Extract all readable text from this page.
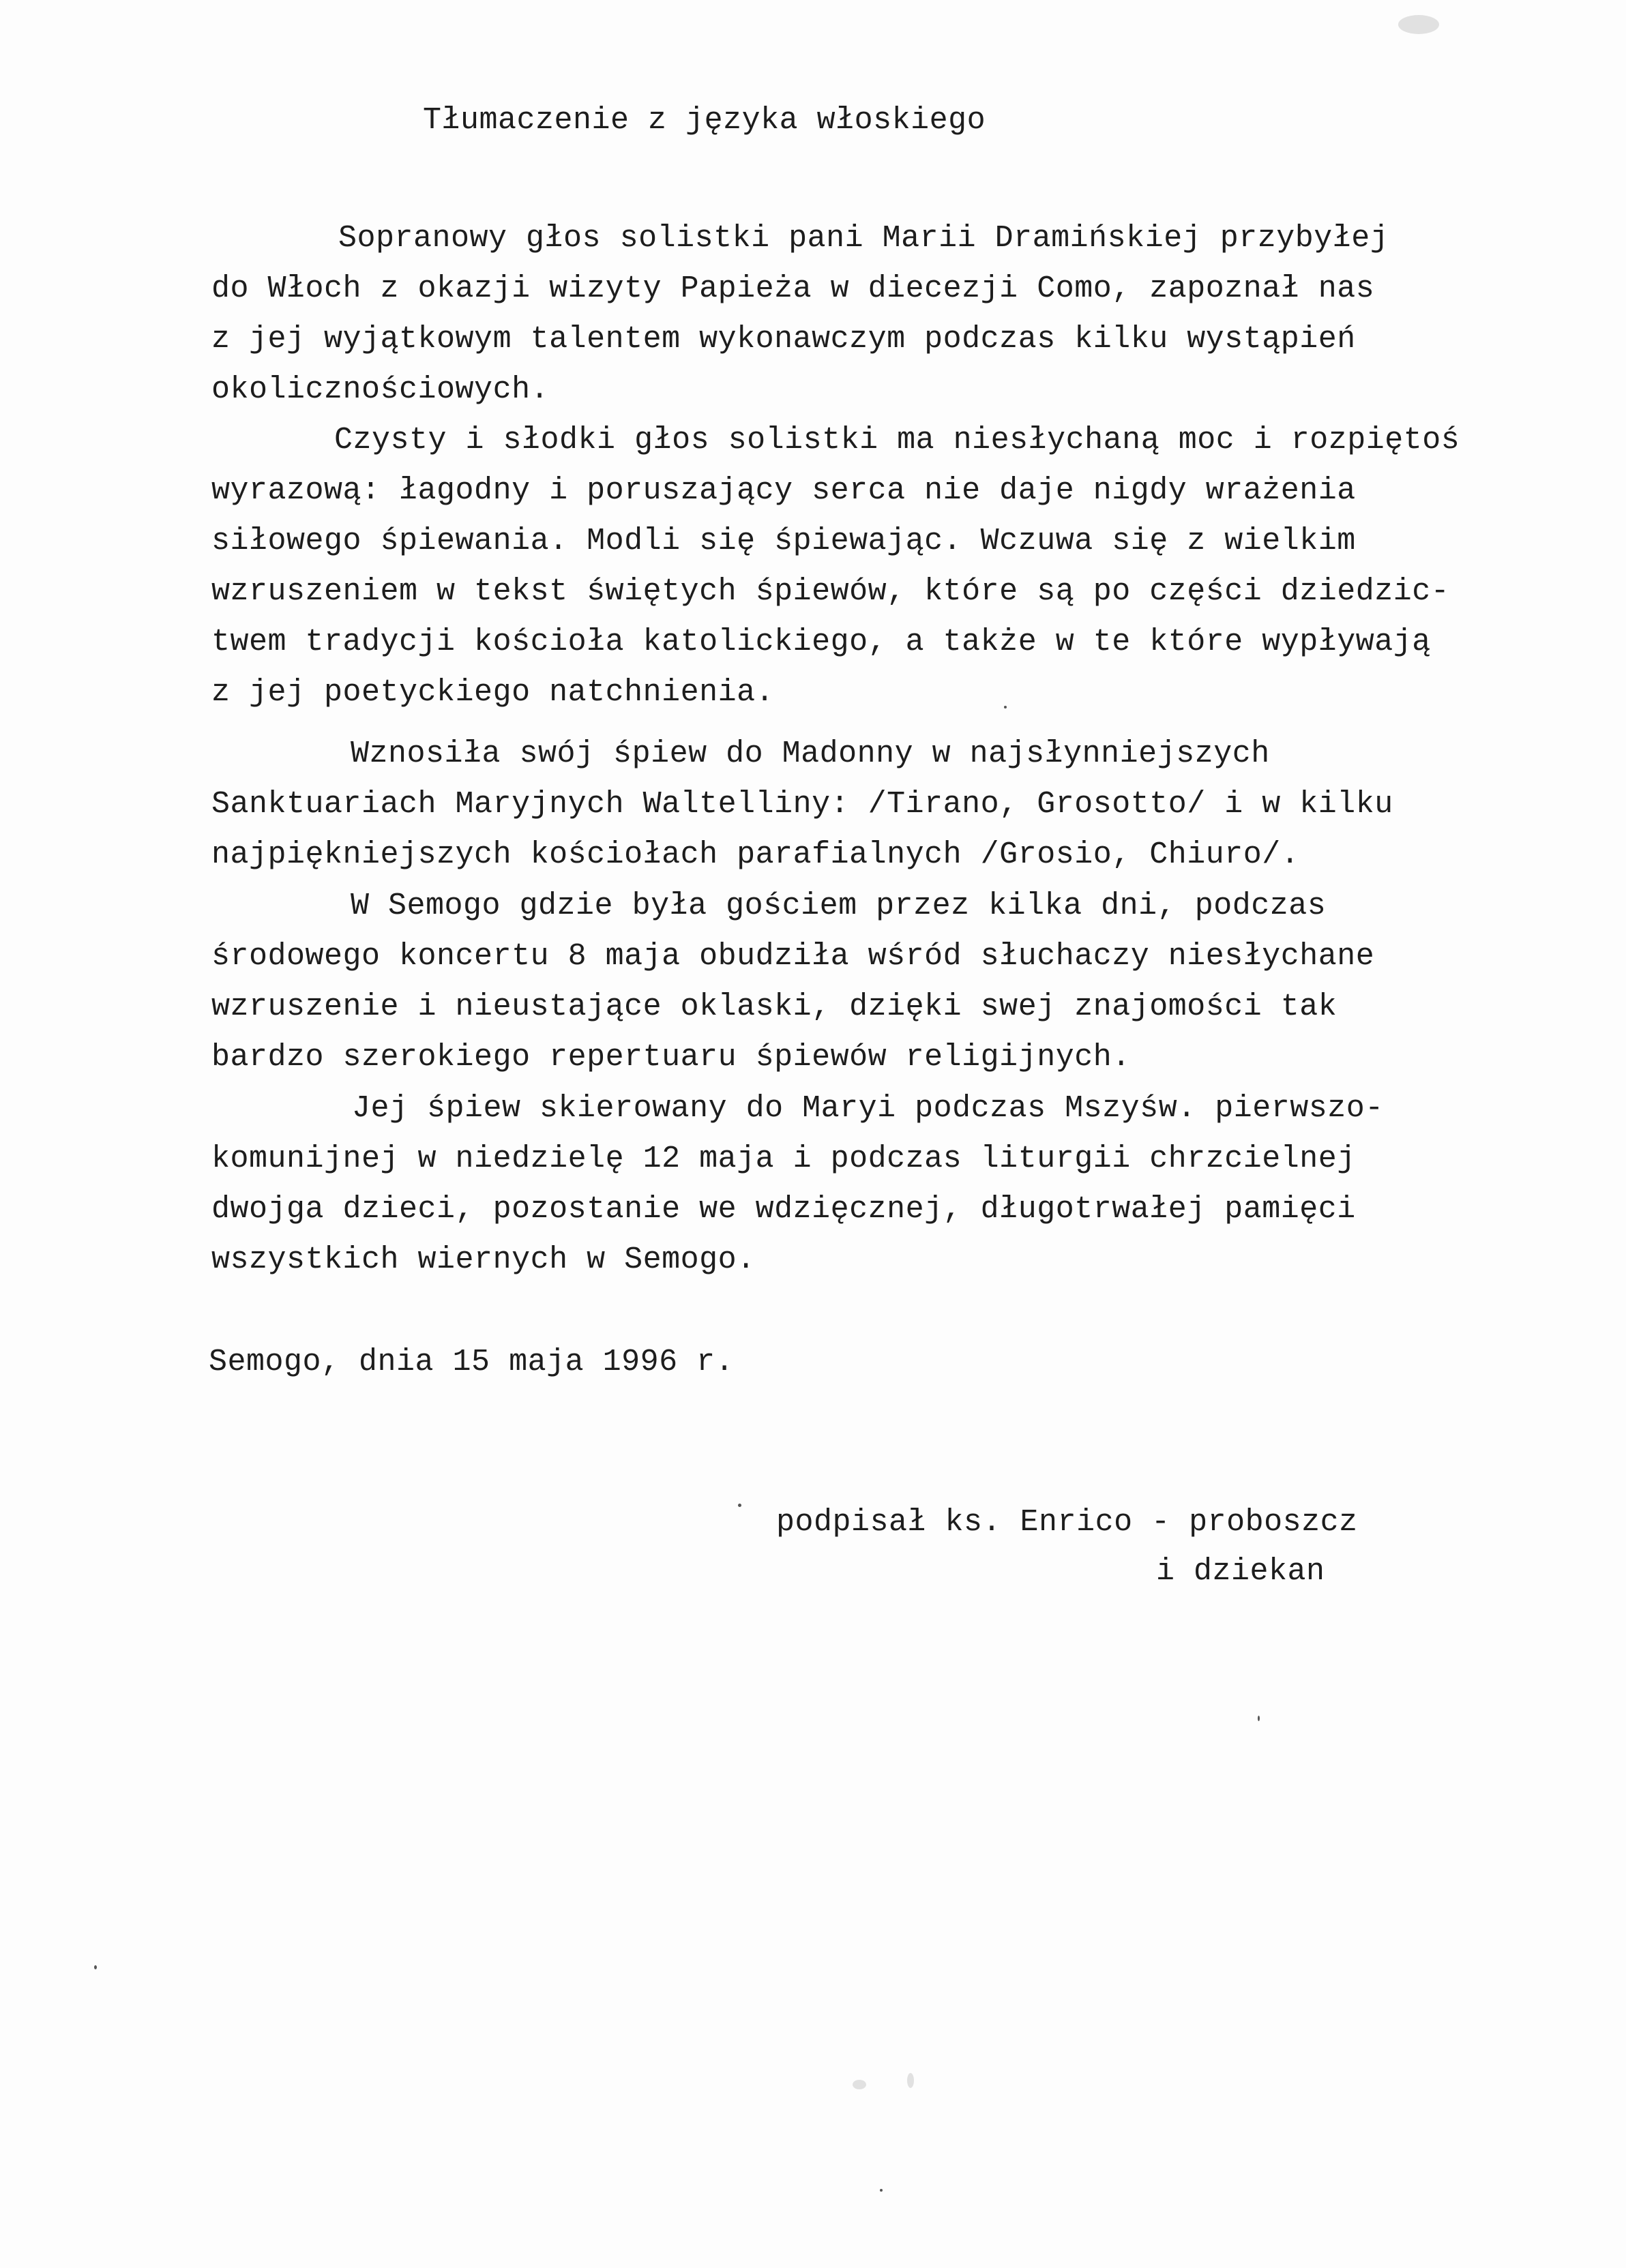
Tłumaczenie z języka włoskiego
Sopranowy głos solistki pani Marii Dramińskiej przybyłej
do Włoch z okazji wizyty Papieża w diecezji Como, zapoznał nas
z jej wyjątkowym talentem wykonawczym podczas kilku wystąpień
okolicznościowych.
Czysty i słodki głos solistki ma niesłychaną moc i rozpiętoś
wyrazową: łagodny i poruszający serca nie daje nigdy wrażenia
siłowego śpiewania. Modli się śpiewając. Wczuwa się z wielkim
wzruszeniem w tekst świętych śpiewów, które są po części dziedzic-
twem tradycji kościoła katolickiego, a także w te które wypływają
z jej poetyckiego natchnienia.
Wznosiła swój śpiew do Madonny w najsłynniejszych
Sanktuariach Maryjnych Waltelliny: /Tirano, Grosotto/ i w kilku
najpiękniejszych kościołach parafialnych /Grosio, Chiuro/.
W Semogo gdzie była gościem przez kilka dni, podczas
środowego koncertu 8 maja obudziła wśród słuchaczy niesłychane
wzruszenie i nieustające oklaski, dzięki swej znajomości tak
bardzo szerokiego repertuaru śpiewów religijnych.
Jej śpiew skierowany do Maryi podczas Mszyśw. pierwszo-
komunijnej w niedzielę 12 maja i podczas liturgii chrzcielnej
dwojga dzieci, pozostanie we wdzięcznej, długotrwałej pamięci
wszystkich wiernych w Semogo.
Semogo, dnia 15 maja 1996 r.
podpisał ks. Enrico - proboszcz
i dziekan
